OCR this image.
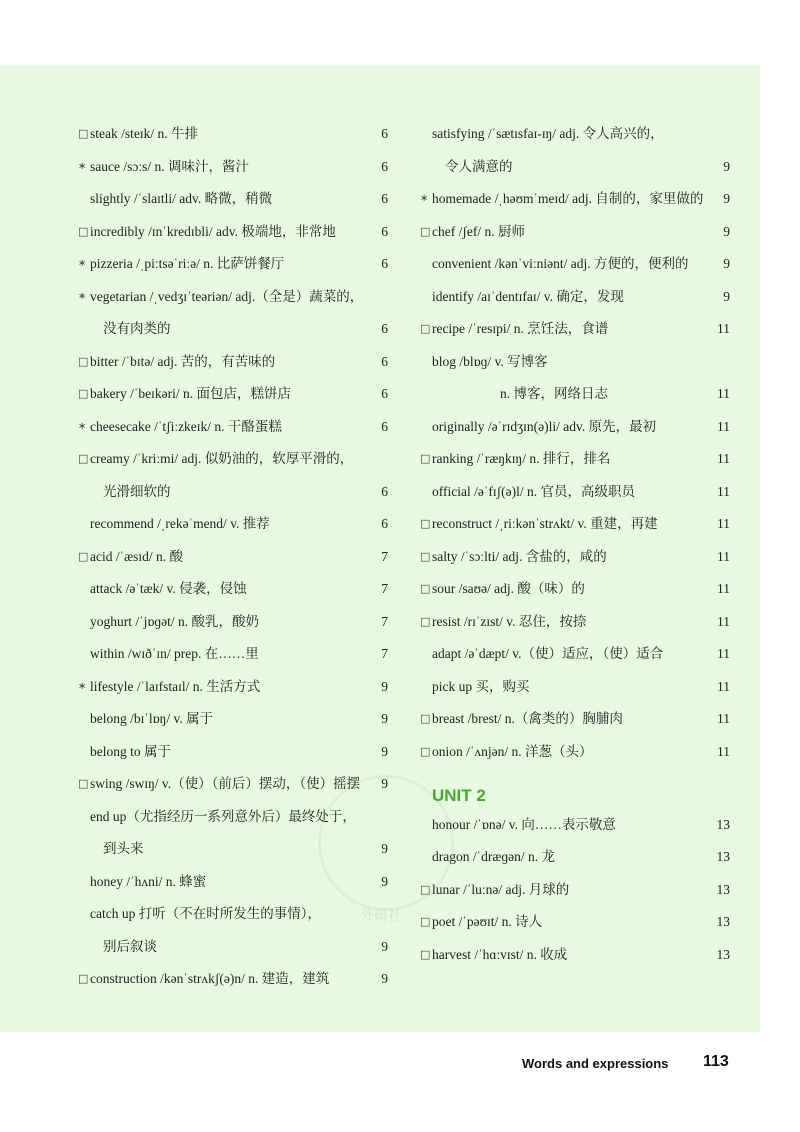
外研社
□ steak /steɪk/ n. 牛排	6
∗ sauce /sɔːs/ n. 调味汁，酱汁	6
slightly /ˈslaɪtli/ adv. 略微，稍微	6
□ incredibly /ɪnˈkredɪbli/ adv. 极端地，非常地	6
∗ pizzeria /ˌpiːtsəˈriːə/ n. 比萨饼餐厅	6
∗ vegetarian /ˌvedʒɪˈteəriən/ adj.（全是）蔬菜的，
没有肉类的	6
□ bitter /ˈbɪtə/ adj. 苦的，有苦味的	6
□ bakery /ˈbeɪkəri/ n. 面包店，糕饼店	6
∗ cheesecake /ˈtʃiːzkeɪk/ n. 干酪蛋糕	6
□ creamy /ˈkriːmi/ adj. 似奶油的，软厚平滑的，
光滑细软的	6
recommend /ˌrekəˈmend/ v. 推荐	6
□ acid /ˈæsɪd/ n. 酸	7
attack /əˈtæk/ v. 侵袭，侵蚀	7
yoghurt /ˈjɒɡət/ n. 酸乳，酸奶	7
within /wɪðˈɪn/ prep. 在……里	7
∗ lifestyle /ˈlaɪfstaɪl/ n. 生活方式	9
belong /bɪˈlɒŋ/ v. 属于	9
belong to 属于	9
□ swing /swɪŋ/ v.（使）（前后）摆动，（使）摇摆 9
end up（尤指经历一系列意外后）最终处于，
到头来	9
honey /ˈhʌni/ n. 蜂蜜	9
catch up 打听（不在时所发生的事情），
别后叙谈	9
□ construction /kənˈstrʌkʃ(ə)n/ n. 建造，建筑	9
satisfying /ˈsætɪsfaɪ-ɪŋ/ adj. 令人高兴的，
令人满意的	9
∗ homemade /ˌhəʊmˈmeɪd/ adj. 自制的，家里做的 9
□ chef /ʃef/ n. 厨师	9
convenient /kənˈviːniənt/ adj. 方便的，便利的	9
identify /aɪˈdentɪfaɪ/ v. 确定，发现	9
□ recipe /ˈresɪpi/ n. 烹饪法，食谱	11
blog /blɒɡ/ v. 写博客
n. 博客，网络日志	11
originally /əˈrɪdʒɪn(ə)li/ adv. 原先，最初	11
□ ranking /ˈræŋkɪŋ/ n. 排行，排名	11
official /əˈfɪʃ(ə)l/ n. 官员，高级职员	11
□ reconstruct /ˌriːkənˈstrʌkt/ v. 重建，再建	11
□ salty /ˈsɔːlti/ adj. 含盐的，咸的	11
□ sour /saʊə/ adj. 酸（味）的	11
□ resist /rɪˈzɪst/ v. 忍住，按捺	11
adapt /əˈdæpt/ v.（使）适应，（使）适合	11
pick up 买，购买	11
□ breast /brest/ n.（禽类的）胸脯肉	11
□ onion /ˈʌnjən/ n. 洋葱（头）	11
UNIT 2
honour /ˈɒnə/ v. 向……表示敬意	13
dragon /ˈdræɡən/ n. 龙	13
□ lunar /ˈluːnə/ adj. 月球的	13
□ poet /ˈpəʊɪt/ n. 诗人	13
□ harvest /ˈhɑːvɪst/ n. 收成	13
Words and expressions 113
